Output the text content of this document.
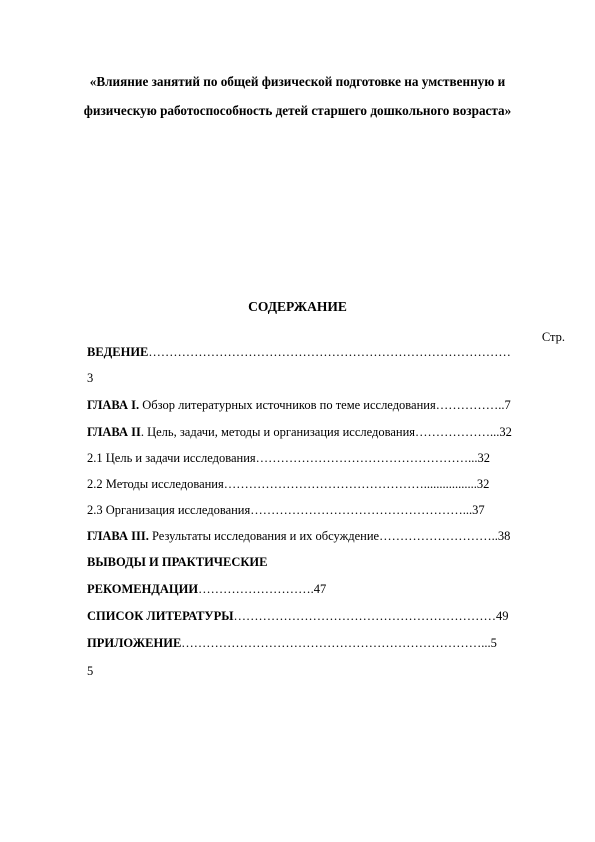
«Влияние занятий по общей физической подготовке на умственную и
физическую работоспособность детей старшего дошкольного возраста»
СОДЕРЖАНИЕ
Стр.
ВЕДЕНИЕ……………………………………………………………………………
3
ГЛАВА I. Обзор литературных источников по теме исследования……………..7
ГЛАВА II. Цель, задачи, методы и организация исследования………………...32
2.1 Цель и задачи исследования……………………………………………...32
2.2 Методы исследования………………………………………….................32
2.3 Организация исследования……………………………………………...37
ГЛАВА III. Результаты исследования и их обсуждение………………………..38
ВЫВОДЫ И ПРАКТИЧЕСКИЕ
РЕКОМЕНДАЦИИ……………………….47
СПИСОК ЛИТЕРАТУРЫ………………………………………………………49
ПРИЛОЖЕНИЕ………………………………………………………………...5
5
